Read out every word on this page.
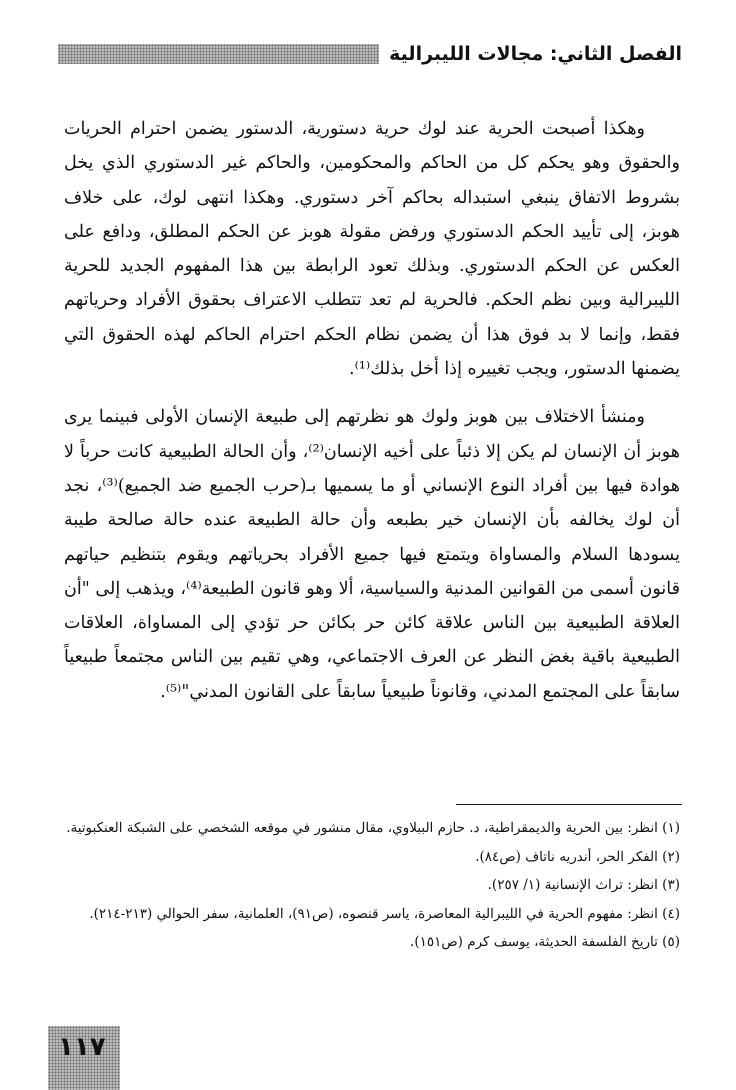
الفصل الثاني: مجالات الليبرالية

وهكذا أصبحت الحرية عند لوك حرية دستورية، الدستور يضمن احترام الحريات والحقوق وهو يحكم كل من الحاكم والمحكومين، والحاكم غير الدستوري الذي يخل بشروط الاتفاق ينبغي استبداله بحاكم آخر دستوري. وهكذا انتهى لوك، على خلاف هوبز، إلى تأييد الحكم الدستوري ورفض مقولة هوبز عن الحكم المطلق، ودافع على العكس عن الحكم الدستوري. وبذلك تعود الرابطة بين هذا المفهوم الجديد للحرية الليبرالية وبين نظم الحكم. فالحرية لم تعد تتطلب الاعتراف بحقوق الأفراد وحرياتهم فقط، وإنما لا بد فوق هذا أن يضمن نظام الحكم احترام الحاكم لهذه الحقوق التي يضمنها الدستور، ويجب تغييره إذا أخل بذلك⁽¹⁾.

ومنشأ الاختلاف بين هوبز ولوك هو نظرتهم إلى طبيعة الإنسان الأولى فبينما يرى هوبز أن الإنسان لم يكن إلا ذئباً على أخيه الإنسان⁽²⁾، وأن الحالة الطبيعية كانت حرباً لا هوادة فيها بين أفراد النوع الإنساني أو ما يسميها بـ(حرب الجميع ضد الجميع)⁽³⁾، نجد أن لوك يخالفه بأن الإنسان خير بطبعه وأن حالة الطبيعة عنده حالة صالحة طيبة يسودها السلام والمساواة ويتمتع فيها جميع الأفراد بحرياتهم ويقوم بتنظيم حياتهم قانون أسمى من القوانين المدنية والسياسية، ألا وهو قانون الطبيعة⁽⁴⁾، ويذهب إلى "أن العلاقة الطبيعية بين الناس علاقة كائن حر بكائن حر تؤدي إلى المساواة، العلاقات الطبيعية باقية بغض النظر عن العرف الاجتماعي، وهي تقيم بين الناس مجتمعاً طبيعياً سابقاً على المجتمع المدني، وقانوناً طبيعياً سابقاً على القانون المدني"⁽⁵⁾.

(١) انظر: بين الحرية والديمقراطية، د. حازم الببلاوي، مقال منشور في موقعه الشخصي على الشبكة العنكبوتية.
(٢) الفكر الحر، أندريه ناتاف (ص٨٤).
(٣) انظر: تراث الإنسانية (١/ ٢٥٧).
(٤) انظر: مفهوم الحرية في الليبرالية المعاصرة، ياسر قنصوه، (ص٩١)، العلمانية، سفر الحوالي (٢١٣-٢١٤).
(٥) تاريخ الفلسفة الحديثة، يوسف كرم (ص١٥١).
١١٧
